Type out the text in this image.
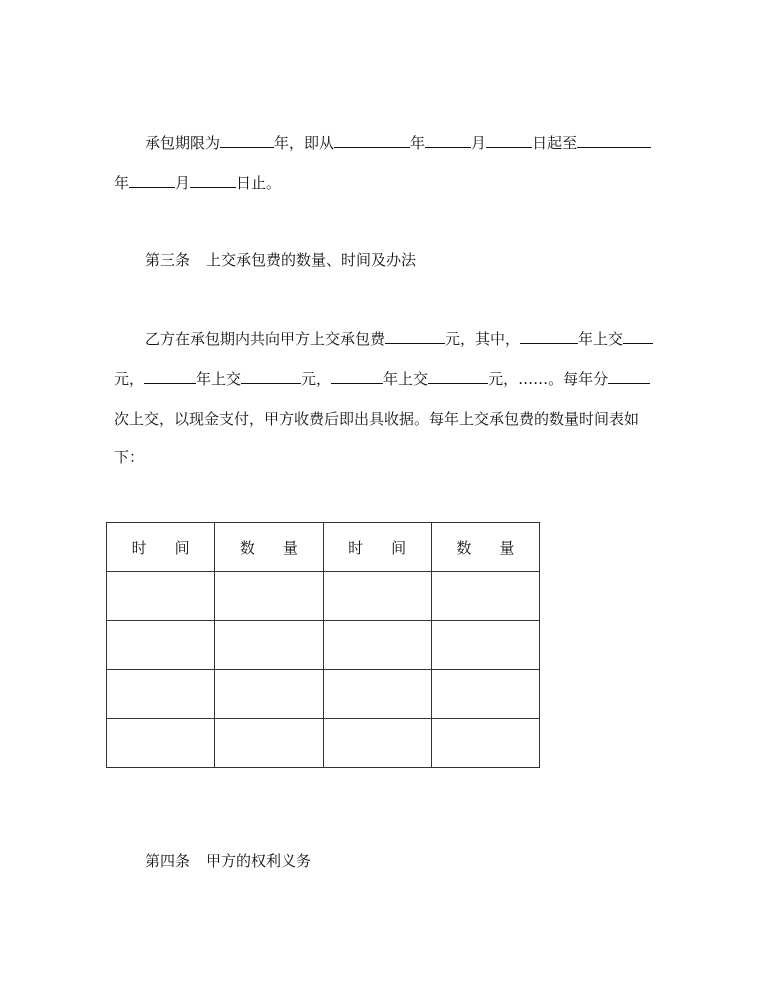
承包期限为	年，即从	年	月	日起至
年	月	日止。
第三条 上交承包费的数量、时间及办法
乙方在承包期内共向甲方上交承包费	元，其中，	年上交
元，	年上交	元，	年上交	元，……。每年分
次上交，以现金支付，甲方收费后即出具收据。每年上交承包费的数量时间表如
下：
时 间	数 量	时 间	数 量

第四条 甲方的权利义务
